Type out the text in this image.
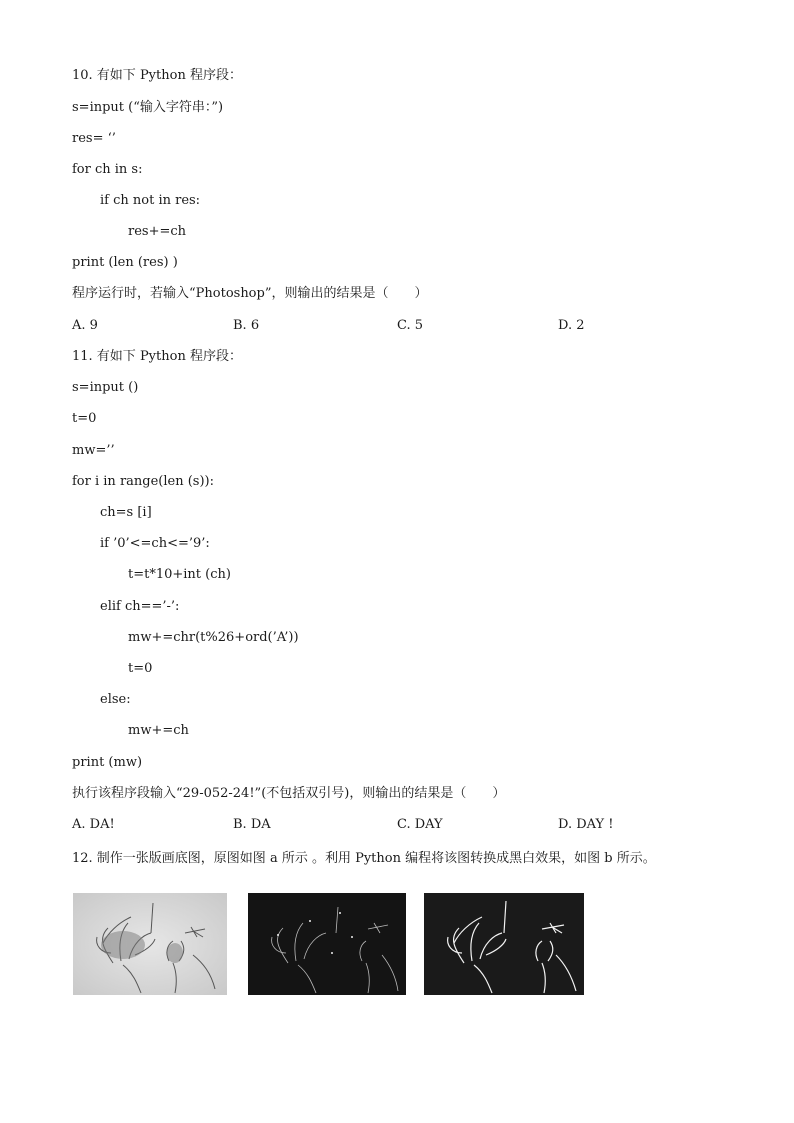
10. 有如下 Python 程序段：
s=input (“输入字符串：”)
res= ‘’
for ch in s:
if ch not in res:
res+=ch
print (len (res) )
程序运行时，若输入“Photoshop”，则输出的结果是（　　）
A. 9	B. 6	C. 5	D. 2
11. 有如下 Python 程序段：
s=input ()
t=0
mw=’’
for i in range(len (s)):
ch=s [i]
if ’0’<=ch<=’9’:
t=t*10+int (ch)
elif ch==’-’:
mw+=chr(t%26+ord(’A’))
t=0
else:
mw+=ch
print (mw)
执行该程序段输入“29-052-24!”(不包括双引号)，则输出的结果是（　　）
A. DA!	B. DA	C. DAY	D. DAY !
12. 制作一张版画底图，原图如图 a 所示 。利用 Python 编程将该图转换成黑白效果，如图 b 所示。
